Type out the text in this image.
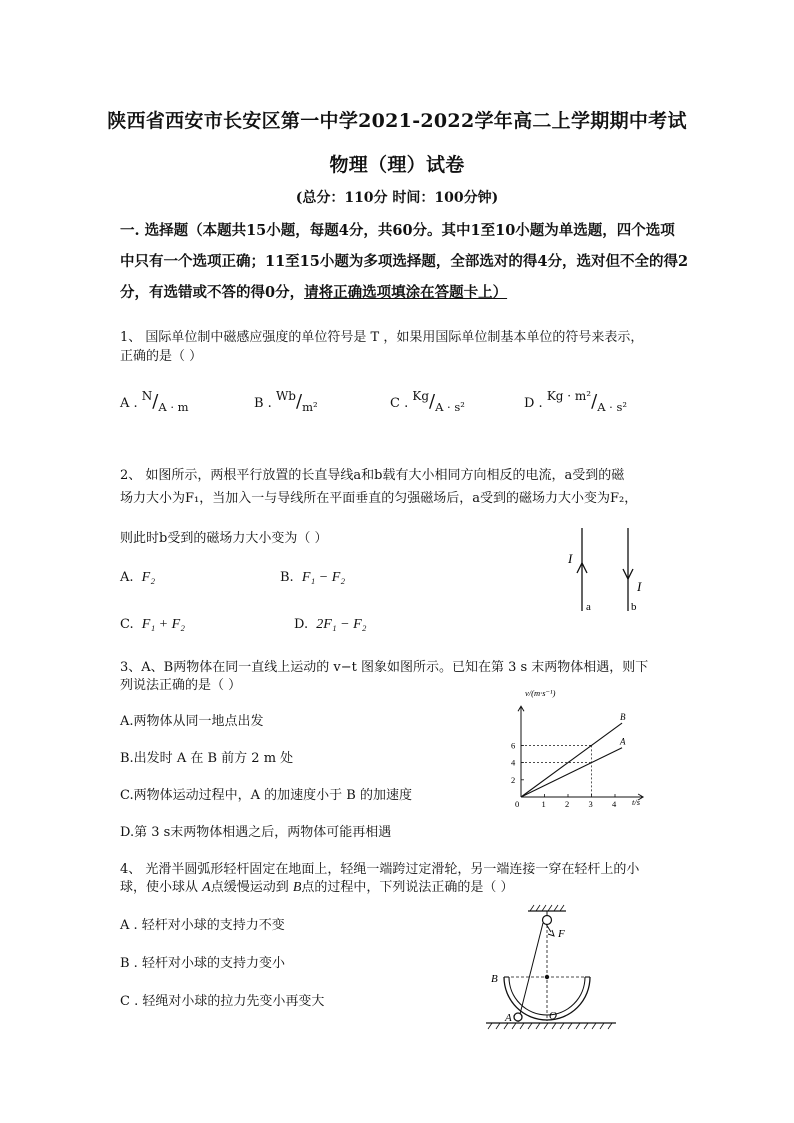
陕西省西安市长安区第一中学2021-2022学年高二上学期期中考试
物理（理）试卷
(总分：110分 时间：100分钟)
一. 选择题（本题共15小题，每题4分，共60分。其中1至10小题为单选题，四个选项
中只有一个选项正确；11至15小题为多项选择题，全部选对的得4分，选对但不全的得2
分，有选错或不答的得0分，请将正确选项填涂在答题卡上）
1、 国际单位制中磁感应强度的单位符号是 T ，如果用国际单位制基本单位的符号来表示，
正确的是（ ）
A . N/A · m	B . Wb/m²	C . Kg/A · s²	D . Kg · m²/A · s²
2、 如图所示，两根平行放置的长直导线a和b载有大小相同方向相反的电流，a受到的磁
场力大小为F₁，当加入一与导线所在平面垂直的匀强磁场后，a受到的磁场力大小变为F₂，
则此时b受到的磁场力大小变为（ ）
A. F₂	B. F₁ − F₂
C. F₁ + F₂	D. 2F₁ − F₂
I
a
I
b
3、A、B两物体在同一直线上运动的 v−t 图象如图所示。已知在第 3 s 末两物体相遇，则下
列说法正确的是（ ）
A.两物体从同一地点出发
B.出发时 A 在 B 前方 2 m 处
C.两物体运动过程中，A 的加速度小于 B 的加速度
D.第 3 s末两物体相遇之后，两物体可能再相遇
0	1 2 3 4
2
4
6
B
A
v/(m·s⁻¹)
t/s
4、 光滑半圆弧形轻杆固定在地面上，轻绳一端跨过定滑轮，另一端连接一穿在轻杆上的小
球，使小球从 A点缓慢运动到 B点的过程中，下列说法正确的是（ ）
A . 轻杆对小球的支持力不变
B . 轻杆对小球的支持力变小
C . 轻绳对小球的拉力先变小再变大
F
B
A	O
